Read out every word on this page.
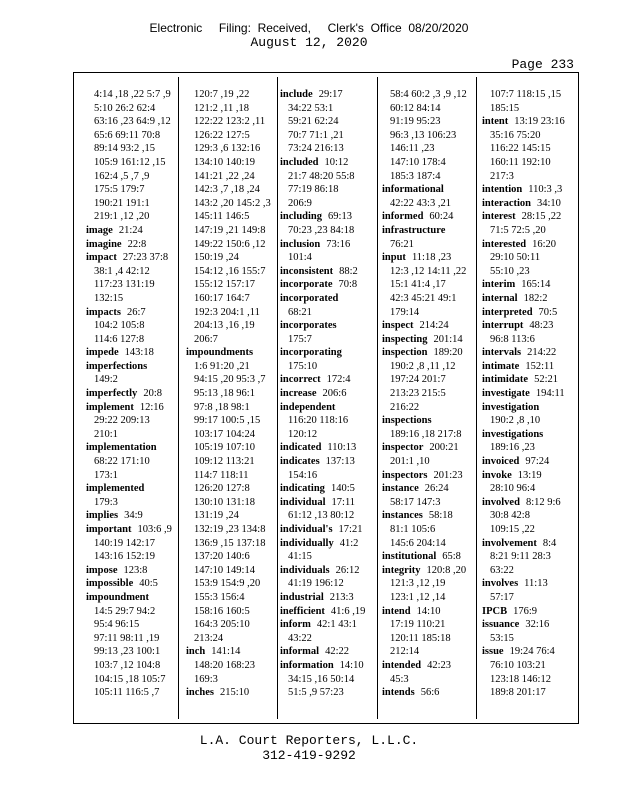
Electronic     Filing:  Received,     Clerk's  Office  08/20/2020
August 12, 2020
Page 233
4:14 ,18 ,22 5:7 ,9
5:10 26:2 62:4
63:16 ,23 64:9 ,12
65:6 69:11 70:8
89:14 93:2 ,15
105:9 161:12 ,15
162:4 ,5 ,7 ,9
175:5 179:7
190:21 191:1
219:1 ,12 ,20
image 21:24
imagine 22:8
impact 27:23 37:8
38:1 ,4 42:12
117:23 131:19
132:15
impacts 26:7
104:2 105:8
114:6 127:8
impede 143:18
imperfections
149:2
imperfectly 20:8
implement 12:16
29:22 209:13
210:1
implementation
68:22 171:10
173:1
implemented
179:3
implies 34:9
important 103:6 ,9
140:19 142:17
143:16 152:19
impose 123:8
impossible 40:5
impoundment
14:5 29:7 94:2
95:4 96:15
97:11 98:11 ,19
99:13 ,23 100:1
103:7 ,12 104:8
104:15 ,18 105:7
105:11 116:5 ,7
120:7 ,19 ,22
121:2 ,11 ,18
122:22 123:2 ,11
126:22 127:5
129:3 ,6 132:16
134:10 140:19
141:21 ,22 ,24
142:3 ,7 ,18 ,24
143:2 ,20 145:2 ,3
145:11 146:5
147:19 ,21 149:8
149:22 150:6 ,12
150:19 ,24
154:12 ,16 155:7
155:12 157:17
160:17 164:7
192:3 204:1 ,11
204:13 ,16 ,19
206:7
impoundments
1:6 91:20 ,21
94:15 ,20 95:3 ,7
95:13 ,18 96:1
97:8 ,18 98:1
99:17 100:5 ,15
103:17 104:24
105:19 107:10
109:12 113:21
114:7 118:11
126:20 127:8
130:10 131:18
131:19 ,24
132:19 ,23 134:8
136:9 ,15 137:18
137:20 140:6
147:10 149:14
153:9 154:9 ,20
155:3 156:4
158:16 160:5
164:3 205:10
213:24
inch 141:14
148:20 168:23
169:3
inches 215:10
include 29:17
34:22 53:1
59:21 62:24
70:7 71:1 ,21
73:24 216:13
included 10:12
21:7 48:20 55:8
77:19 86:18
206:9
including 69:13
70:23 ,23 84:18
inclusion 73:16
101:4
inconsistent 88:2
incorporate 70:8
incorporated
68:21
incorporates
175:7
incorporating
175:10
incorrect 172:4
increase 206:6
independent
116:20 118:16
120:12
indicated 110:13
indicates 137:13
154:16
indicating 140:5
individual 17:11
61:12 ,13 80:12
individual's 17:21
individually 41:2
41:15
individuals 26:12
41:19 196:12
industrial 213:3
inefficient 41:6 ,19
inform 42:1 43:1
43:22
informal 42:22
information 14:10
34:15 ,16 50:14
51:5 ,9 57:23
58:4 60:2 ,3 ,9 ,12
60:12 84:14
91:19 95:23
96:3 ,13 106:23
146:11 ,23
147:10 178:4
185:3 187:4
informational
42:22 43:3 ,21
informed 60:24
infrastructure
76:21
input 11:18 ,23
12:3 ,12 14:11 ,22
15:1 41:4 ,17
42:3 45:21 49:1
179:14
inspect 214:24
inspecting 201:14
inspection 189:20
190:2 ,8 ,11 ,12
197:24 201:7
213:23 215:5
216:22
inspections
189:16 ,18 217:8
inspector 200:21
201:1 ,10
inspectors 201:23
instance 26:24
58:17 147:3
instances 58:18
81:1 105:6
145:6 204:14
institutional 65:8
integrity 120:8 ,20
121:3 ,12 ,19
123:1 ,12 ,14
intend 14:10
17:19 110:21
120:11 185:18
212:14
intended 42:23
45:3
intends 56:6
107:7 118:15 ,15
185:15
intent 13:19 23:16
35:16 75:20
116:22 145:15
160:11 192:10
217:3
intention 110:3 ,3
interaction 34:10
interest 28:15 ,22
71:5 72:5 ,20
interested 16:20
29:10 50:11
55:10 ,23
interim 165:14
internal 182:2
interpreted 70:5
interrupt 48:23
96:8 113:6
intervals 214:22
intimate 152:11
intimidate 52:21
investigate 194:11
investigation
190:2 ,8 ,10
investigations
189:16 ,23
invoiced 97:24
invoke 13:19
28:10 96:4
involved 8:12 9:6
30:8 42:8
109:15 ,22
involvement 8:4
8:21 9:11 28:3
63:22
involves 11:13
57:17
IPCB 176:9
issuance 32:16
53:15
issue 19:24 76:4
76:10 103:21
123:18 146:12
189:8 201:17
L.A. Court Reporters, L.L.C.
312-419-9292
